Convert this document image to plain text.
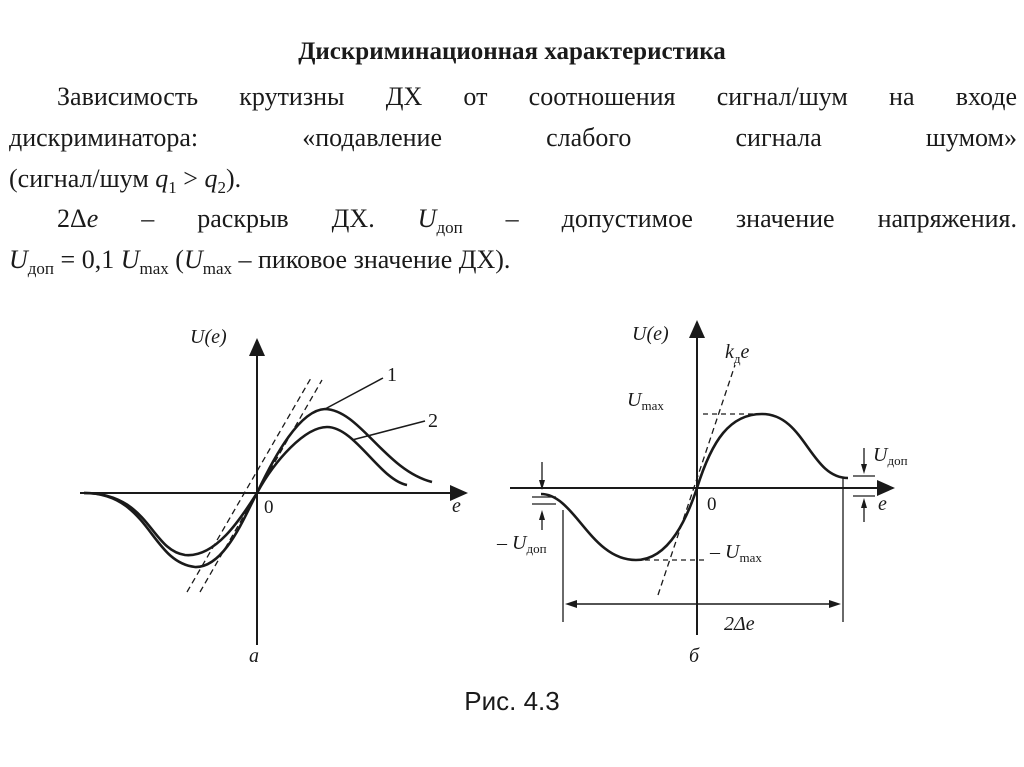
Дискриминационная характеристика
Зависимость крутизны ДХ от соотношения сигнал/шум на входе
дискриминатора: «подавление слабого сигнала шумом»
(сигнал/шум $q_1 > q_2$).
2Δe – раскрыв ДХ. $U_{доп}$ – допустимое значение напряжения.
$U_{доп} = 0,1$ $U_{max}$ ($U_{max}$ – пиковое значение ДХ).
U(e)
e
0
1
2
а
U(e)
e
0
$k_дe$
$U_{max}$
– $U_{max}$
$U_{доп}$
– $U_{доп}$
2Δe
б
Рис. 4.3
